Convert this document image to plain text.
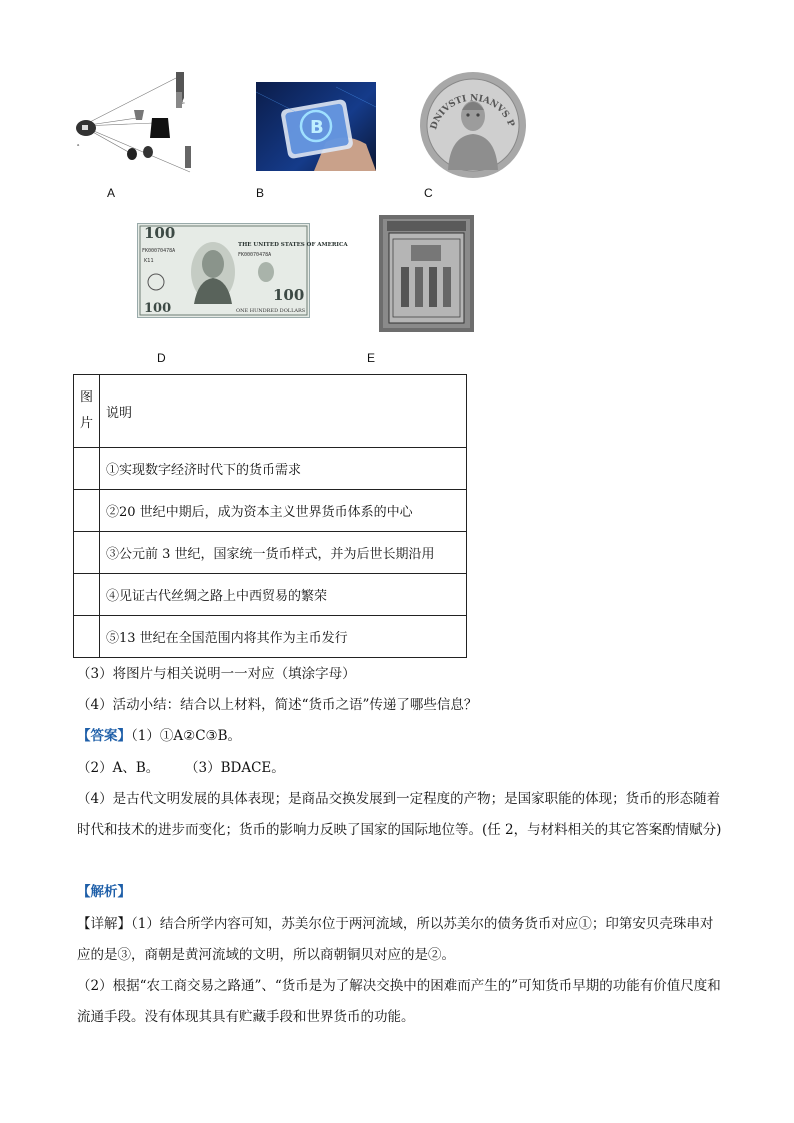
a
b
A
B
B
DNIVSTI NIANVS P
C
100
FK00070478A
K11
THE UNITED STATES OF AMERICA
FK00070478A
100
100	ONE HUNDRED DOLLARS
D	E
图片	说明
	①实现数字经济时代下的货币需求
	②20 世纪中期后，成为资本主义世界货币体系的中心
	③公元前 3 世纪，国家统一货币样式，并为后世长期沿用
	④见证古代丝绸之路上中西贸易的繁荣
	⑤13 世纪在全国范围内将其作为主币发行
（3）将图片与相关说明一一对应（填涂字母）
（4）活动小结：结合以上材料，简述“货币之语”传递了哪些信息？
【答案】（1）①A②C③B。
（2）A、B。      （3）BDACE。
（4）是古代文明发展的具体表现；是商品交换发展到一定程度的产物；是国家职能的体现；货币的形态随着时代和技术的进步而变化；货币的影响力反映了国家的国际地位等。(任 2，与材料相关的其它答案酌情赋分)
【解析】
【详解】（1）结合所学内容可知，苏美尔位于两河流域，所以苏美尔的债务货币对应①；印第安贝壳珠串对应的是③，商朝是黄河流域的文明，所以商朝铜贝对应的是②。
（2）根据“农工商交易之路通”、“货币是为了解决交换中的困难而产生的”可知货币早期的功能有价值尺度和流通手段。没有体现其具有贮藏手段和世界货币的功能。
